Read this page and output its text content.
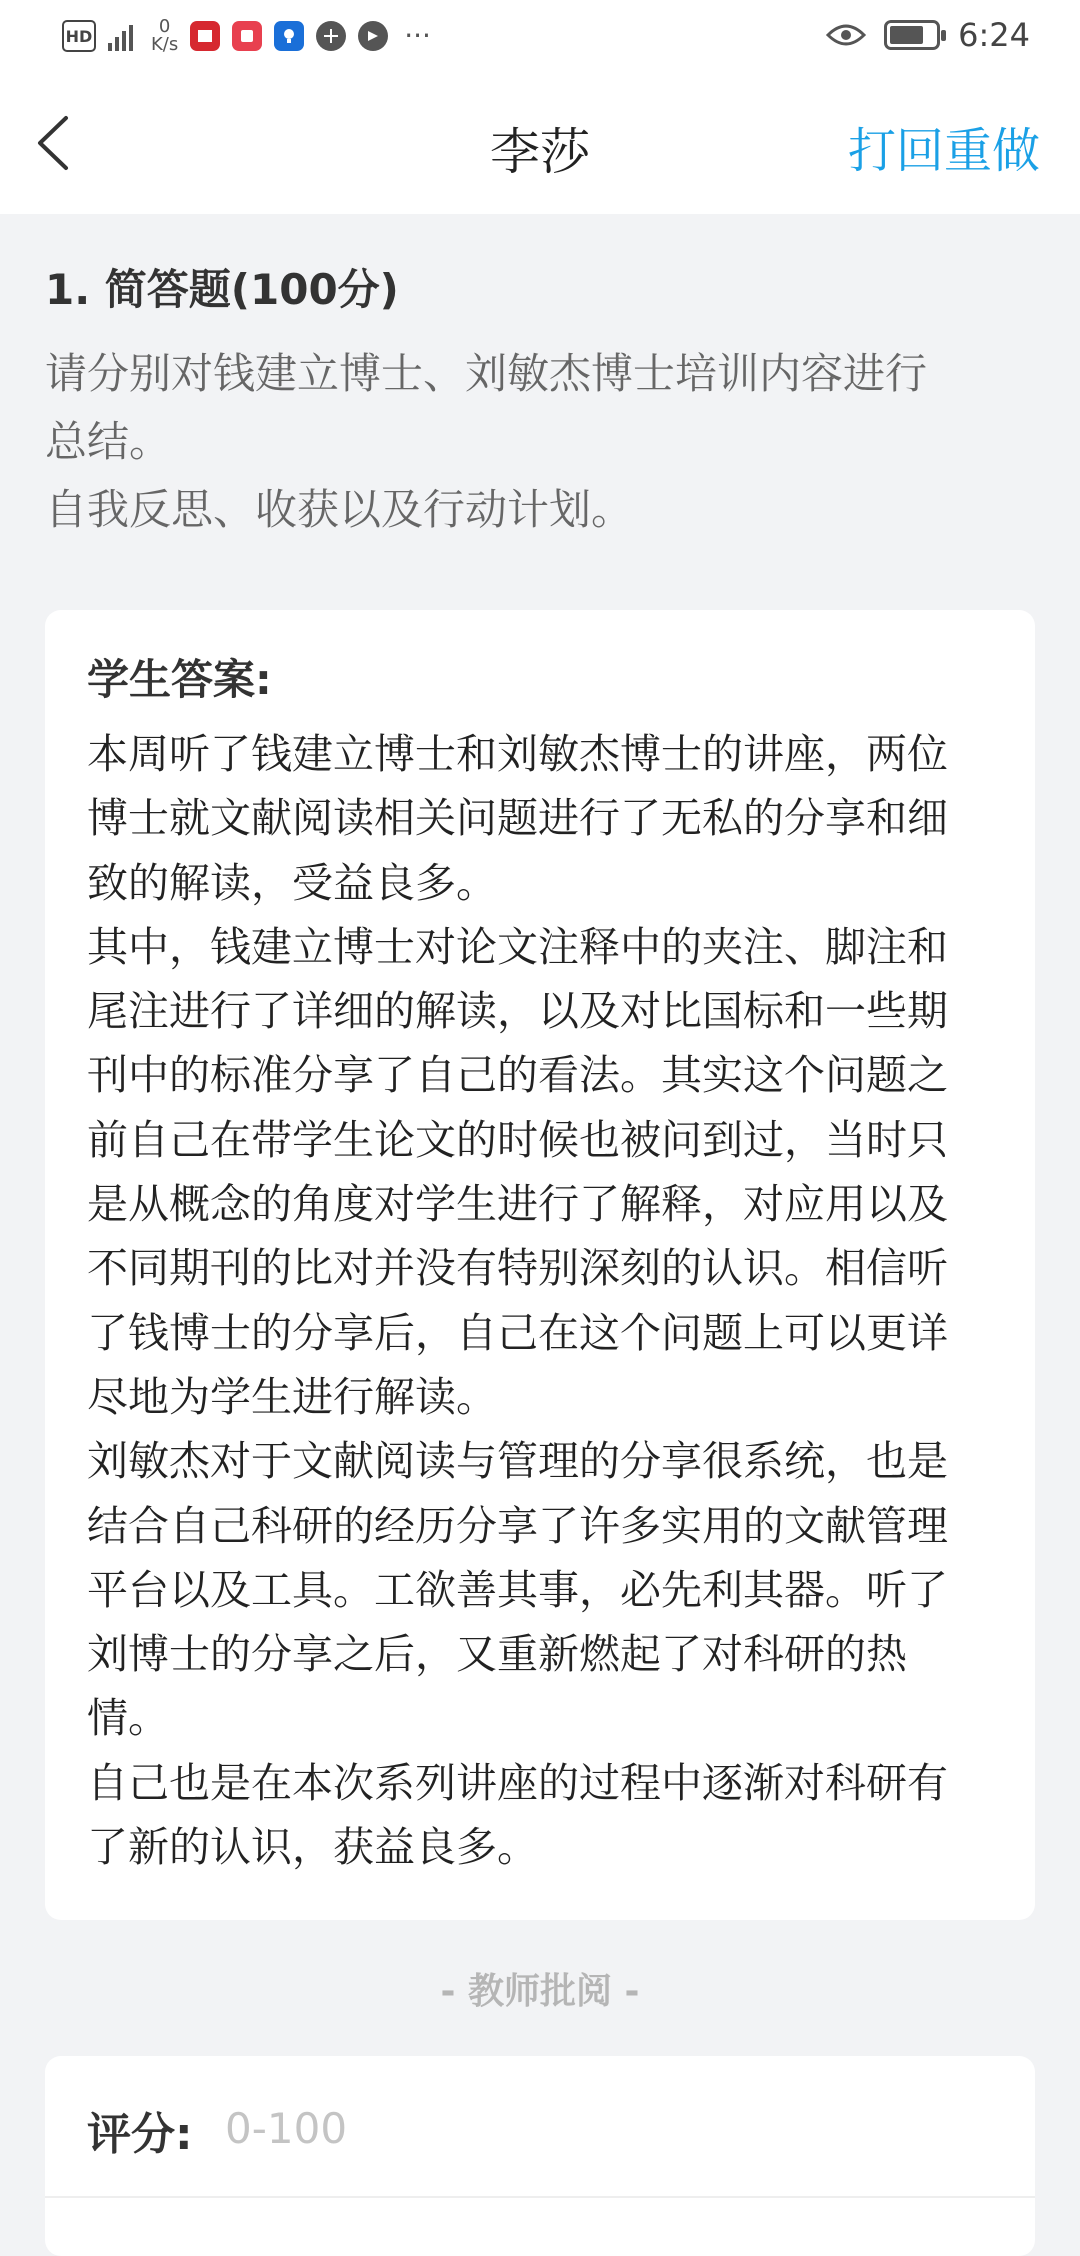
HD	0
K/s	···	6:24
李莎	打回重做
1. 简答题(100分)
请分别对钱建立博士、刘敏杰博士培训内容进行
总结。
自我反思、收获以及行动计划。
学生答案:
本周听了钱建立博士和刘敏杰博士的讲座，两位
博士就文献阅读相关问题进行了无私的分享和细
致的解读，受益良多。
其中，钱建立博士对论文注释中的夹注、脚注和
尾注进行了详细的解读，以及对比国标和一些期
刊中的标准分享了自己的看法。其实这个问题之
前自己在带学生论文的时候也被问到过，当时只
是从概念的角度对学生进行了解释，对应用以及
不同期刊的比对并没有特别深刻的认识。相信听
了钱博士的分享后，自己在这个问题上可以更详
尽地为学生进行解读。
刘敏杰对于文献阅读与管理的分享很系统，也是
结合自己科研的经历分享了许多实用的文献管理
平台以及工具。工欲善其事，必先利其器。听了
刘博士的分享之后，又重新燃起了对科研的热
情。
自己也是在本次系列讲座的过程中逐渐对科研有
了新的认识，获益良多。
- 教师批阅 -
评分:
0-100
